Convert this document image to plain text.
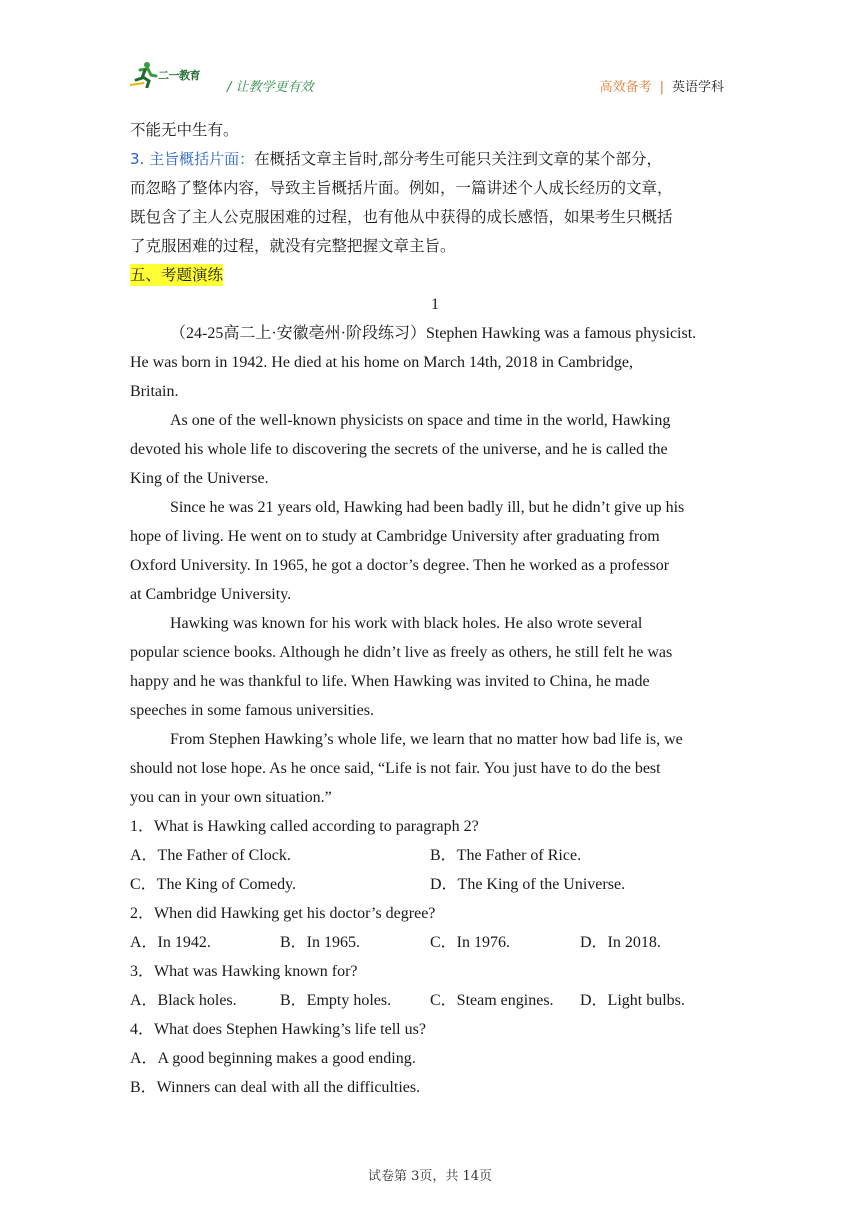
二一教育
/ 让教学更有效	高效备考 | 英语学科
不能无中生有。
3. 主旨概括片面：在概括文章主旨时,部分考生可能只关注到文章的某个部分，
而忽略了整体内容，导致主旨概括片面。例如，一篇讲述个人成长经历的文章，
既包含了主人公克服困难的过程，也有他从中获得的成长感悟，如果考生只概括
了克服困难的过程，就没有完整把握文章主旨。
五、考题演练
1
（24-25高二上·安徽亳州·阶段练习）Stephen Hawking was a famous physicist.
He was born in 1942. He died at his home on March 14th, 2018 in Cambridge,
Britain.
As one of the well-known physicists on space and time in the world, Hawking
devoted his whole life to discovering the secrets of the universe, and he is called the
King of the Universe.
Since he was 21 years old, Hawking had been badly ill, but he didn’t give up his
hope of living. He went on to study at Cambridge University after graduating from
Oxford University. In 1965, he got a doctor’s degree. Then he worked as a professor
at Cambridge University.
Hawking was known for his work with black holes. He also wrote several
popular science books. Although he didn’t live as freely as others, he still felt he was
happy and he was thankful to life. When Hawking was invited to China, he made
speeches in some famous universities.
From Stephen Hawking’s whole life, we learn that no matter how bad life is, we
should not lose hope. As he once said, “Life is not fair. You just have to do the best
you can in your own situation.”
1．What is Hawking called according to paragraph 2?
A．The Father of Clock.	B．The Father of Rice.
C．The King of Comedy.	D．The King of the Universe.
2．When did Hawking get his doctor’s degree?
A．In 1942.	B．In 1965.	C．In 1976.	D．In 2018.
3．What was Hawking known for?
A．Black holes.	B．Empty holes.	C．Steam engines.	D．Light bulbs.
4．What does Stephen Hawking’s life tell us?
A．A good beginning makes a good ending.
B．Winners can deal with all the difficulties.
试卷第 3页，共 14页
